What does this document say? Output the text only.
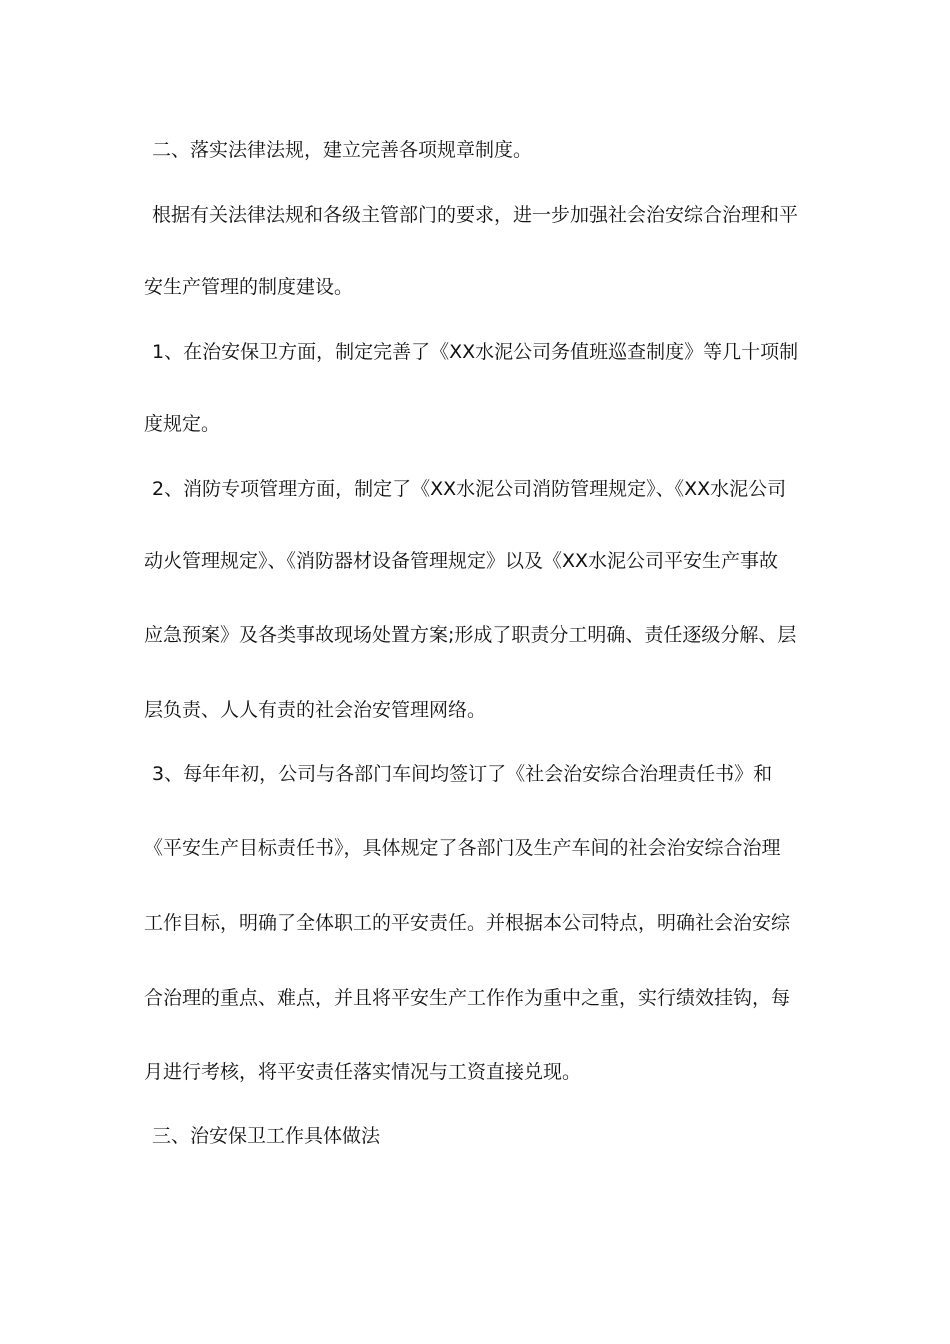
二、落实法律法规，建立完善各项规章制度。
根据有关法律法规和各级主管部门的要求，进一步加强社会治安综合治理和平
安生产管理的制度建设。
1、在治安保卫方面，制定完善了《XX水泥公司务值班巡查制度》等几十项制
度规定。
2、消防专项管理方面，制定了《XX水泥公司消防管理规定》、《XX水泥公司
动火管理规定》、《消防器材设备管理规定》以及《XX水泥公司平安生产事故
应急预案》及各类事故现场处置方案;形成了职责分工明确、责任逐级分解、层
层负责、人人有责的社会治安管理网络。
3、每年年初，公司与各部门车间均签订了《社会治安综合治理责任书》和
《平安生产目标责任书》，具体规定了各部门及生产车间的社会治安综合治理
工作目标，明确了全体职工的平安责任。并根据本公司特点，明确社会治安综
合治理的重点、难点，并且将平安生产工作作为重中之重，实行绩效挂钩，每
月进行考核，将平安责任落实情况与工资直接兑现。
三、治安保卫工作具体做法
